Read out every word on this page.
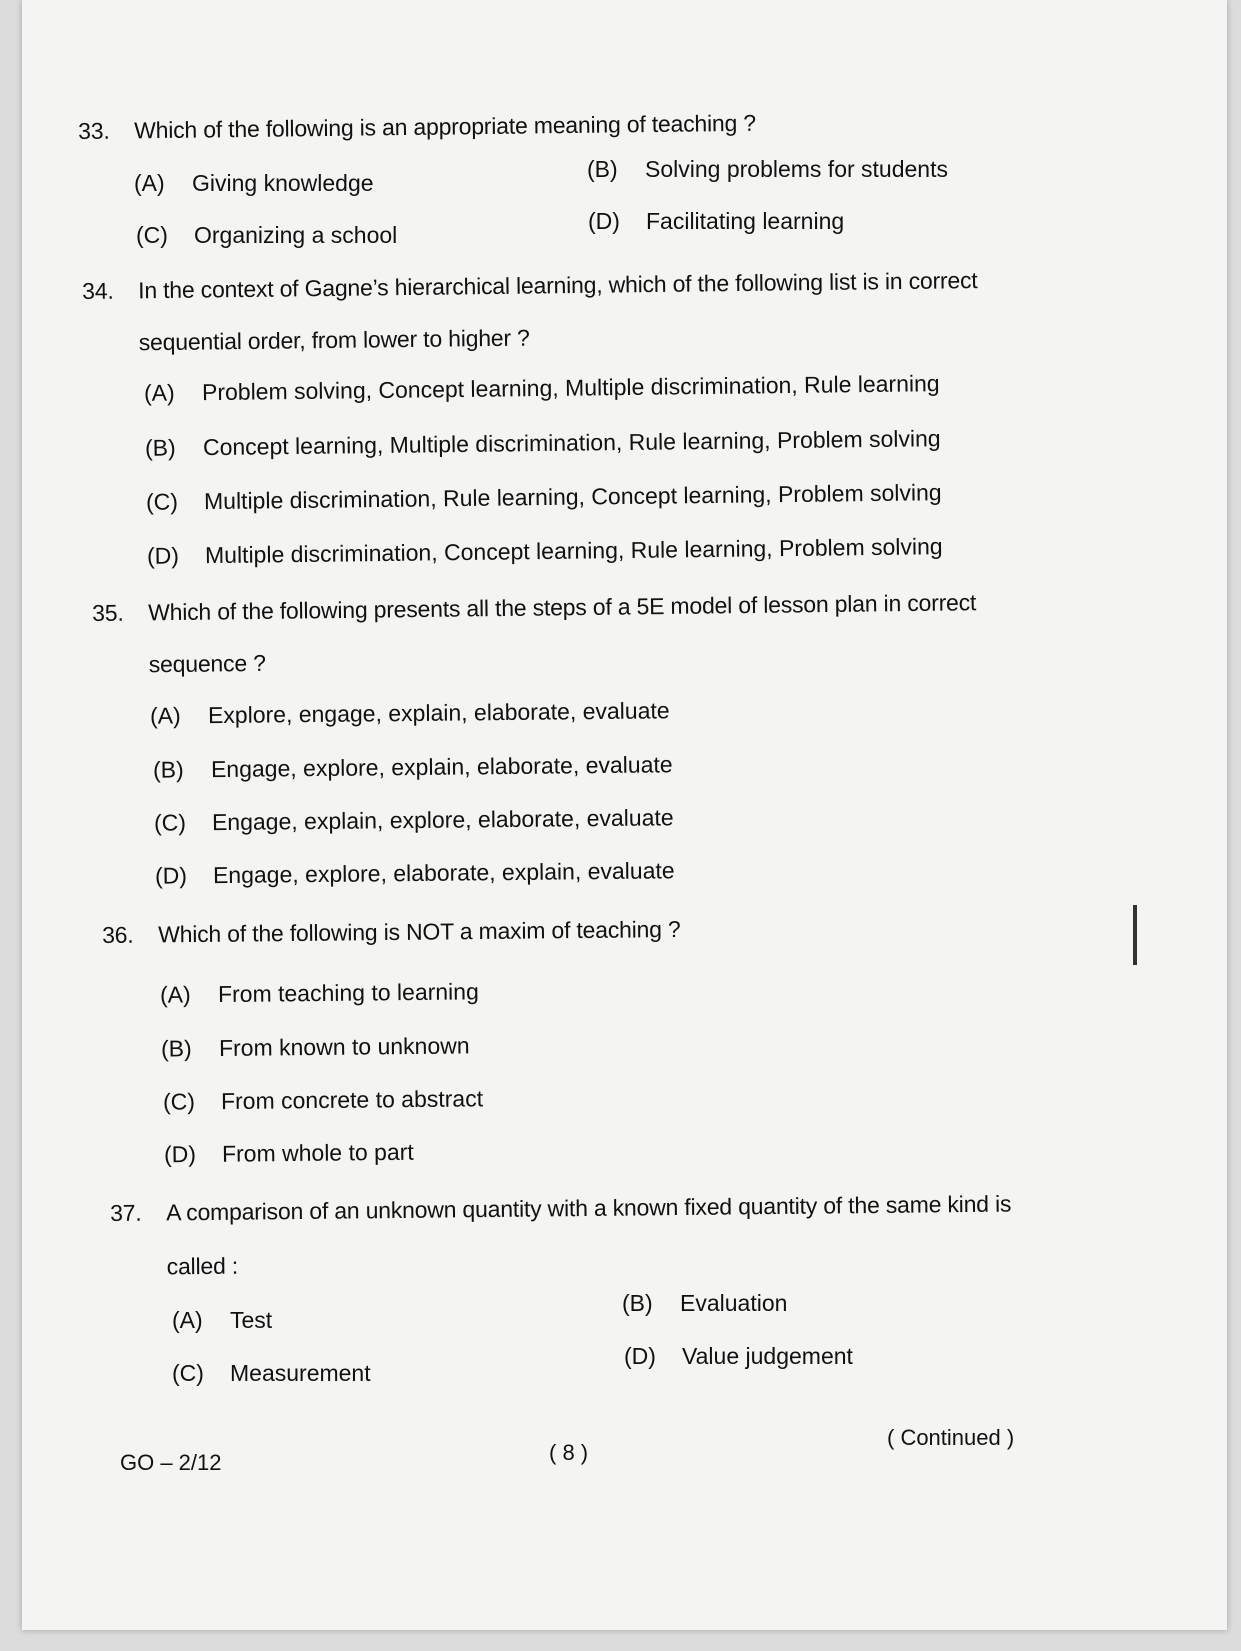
33. Which of the following is an appropriate meaning of teaching ?
(A) Giving knowledge
(B) Solving problems for students
(C) Organizing a school
(D) Facilitating learning
34. In the context of Gagne’s hierarchical learning, which of the following list is in correct
sequential order, from lower to higher ?
(A) Problem solving, Concept learning, Multiple discrimination, Rule learning
(B) Concept learning, Multiple discrimination, Rule learning, Problem solving
(C) Multiple discrimination, Rule learning, Concept learning, Problem solving
(D) Multiple discrimination, Concept learning, Rule learning, Problem solving
35. Which of the following presents all the steps of a 5E model of lesson plan in correct
sequence ?
(A) Explore, engage, explain, elaborate, evaluate
(B) Engage, explore, explain, elaborate, evaluate
(C) Engage, explain, explore, elaborate, evaluate
(D) Engage, explore, elaborate, explain, evaluate
36. Which of the following is NOT a maxim of teaching ?
(A) From teaching to learning
(B) From known to unknown
(C) From concrete to abstract
(D) From whole to part
37. A comparison of an unknown quantity with a known fixed quantity of the same kind is
called :
(A) Test
(B) Evaluation
(C) Measurement
(D) Value judgement
GO – 2/12	( 8 )
( Continued )
